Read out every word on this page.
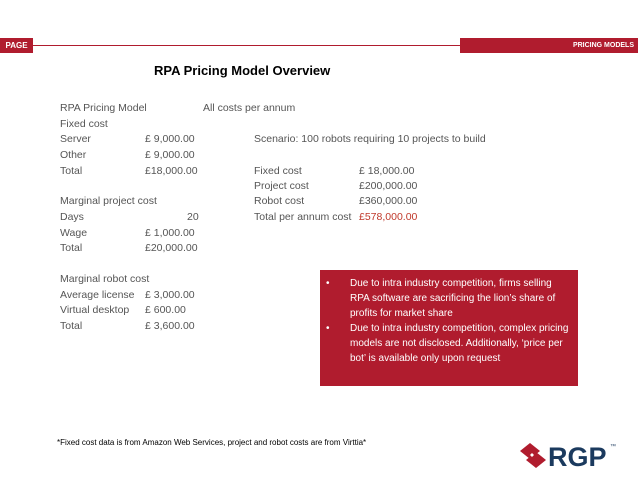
PAGE 14
PRICING MODELS
RPA Pricing Model Overview
RPA Pricing Model	All costs per annum
Fixed cost
Server	£ 9,000.00
Other	£ 9,000.00
Total	£18,000.00
Marginal project cost
Days	20
Wage	£ 1,000.00
Total	£20,000.00
Marginal robot cost
Average license £ 3,000.00
Virtual desktop £ 600.00
Total	£ 3,600.00
Scenario: 100 robots requiring 10 projects to build
Fixed cost	£ 18,000.00
Project cost	£200,000.00
Robot cost	£360,000.00
Total per annum cost £578,000.00
•	Due to intra industry competition, firms selling RPA software are sacrificing the lion’s share of profits for market share
•	Due to intra industry competition, complex pricing models are not disclosed. Additionally, ‘price per bot’ is available only upon request
*Fixed cost data is from Amazon Web Services, project and robot costs are from Virttia*	RGP ™
